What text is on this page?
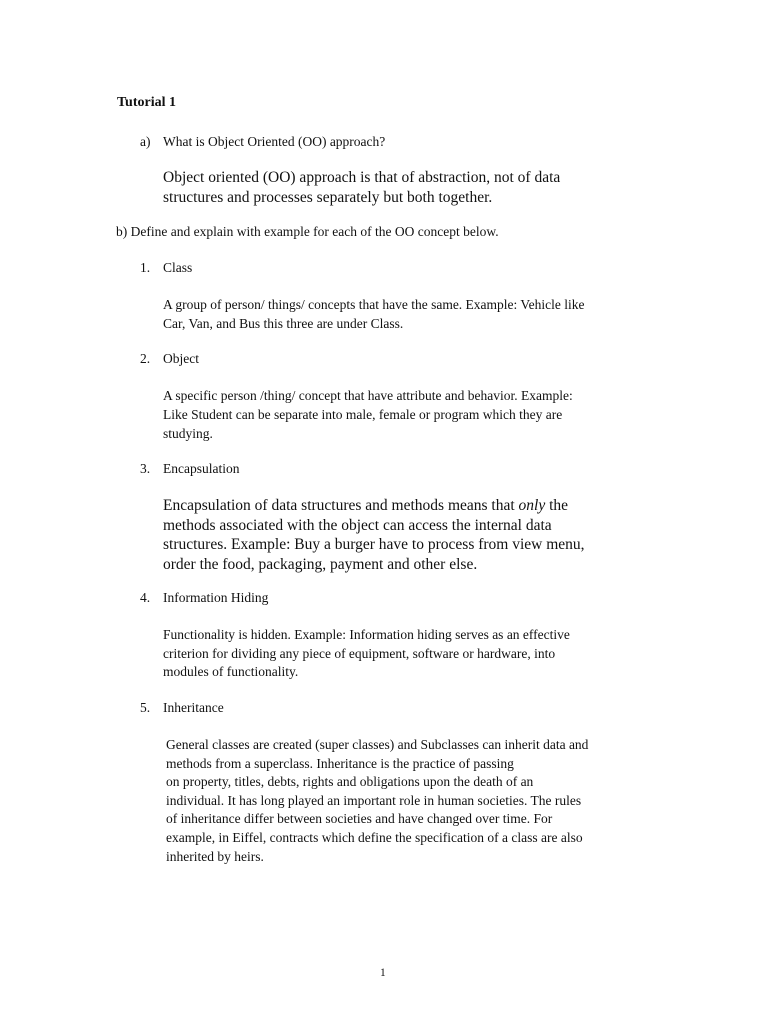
Tutorial 1
a) What is Object Oriented (OO) approach?
Object oriented (OO) approach is that of abstraction, not of data
structures and processes separately but both together.
b) Define and explain with example for each of the OO concept below.
1. Class
A group of person/ things/ concepts that have the same. Example: Vehicle like
Car, Van, and Bus this three are under Class.
2. Object
A specific person /thing/ concept that have attribute and behavior. Example:
Like Student can be separate into male, female or program which they are
studying.
3. Encapsulation
Encapsulation of data structures and methods means that only the
methods associated with the object can access the internal data
structures. Example: Buy a burger have to process from view menu,
order the food, packaging, payment and other else.
4. Information Hiding
Functionality is hidden. Example: Information hiding serves as an effective
criterion for dividing any piece of equipment, software or hardware, into
modules of functionality.
5. Inheritance
General classes are created (super classes) and Subclasses can inherit data and
methods from a superclass. Inheritance is the practice of passing
on property, titles, debts, rights and obligations upon the death of an
individual. It has long played an important role in human societies. The rules
of inheritance differ between societies and have changed over time. For
example, in Eiffel, contracts which define the specification of a class are also
inherited by heirs.
1
